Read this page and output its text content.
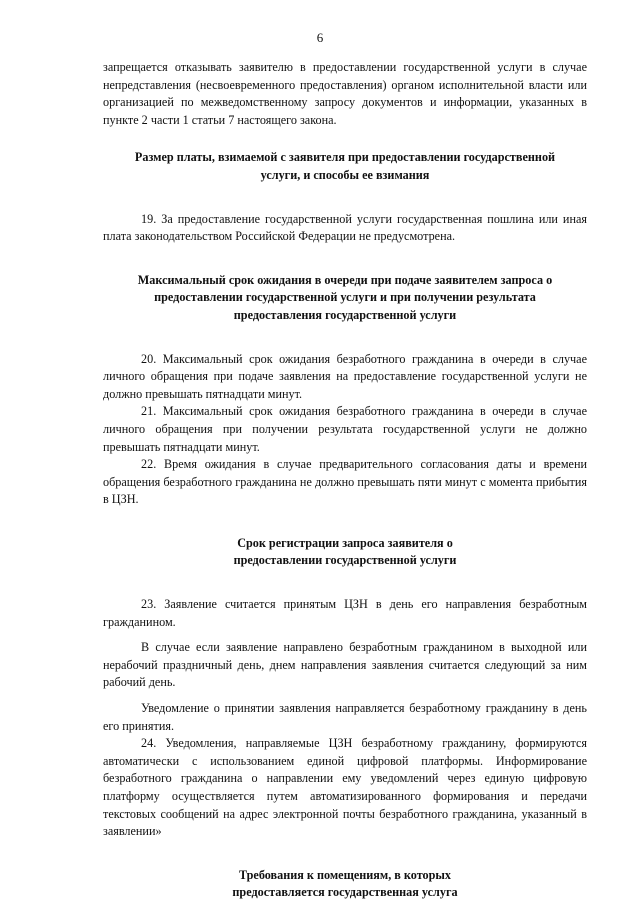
6

запрещается отказывать заявителю в предоставлении государственной услуги в случае непредставления (несвоевременного предоставления) органом исполнительной власти или организацией по межведомственному запросу документов и информации, указанных в пункте 2 части 1 статьи 7 настоящего закона.

Размер платы, взимаемой с заявителя при предоставлении государственной услуги, и способы ее взимания

19. За предоставление государственной услуги государственная пошлина или иная плата законодательством Российской Федерации не предусмотрена.

Максимальный срок ожидания в очереди при подаче заявителем запроса о предоставлении государственной услуги и при получении результата предоставления государственной услуги

20. Максимальный срок ожидания безработного гражданина в очереди в случае личного обращения при подаче заявления на предоставление государственной услуги не должно превышать пятнадцати минут.

21. Максимальный срок ожидания безработного гражданина в очереди в случае личного обращения при получении результата государственной услуги не должно превышать пятнадцати минут.

22. Время ожидания в случае предварительного согласования даты и времени обращения безработного гражданина не должно превышать пяти минут с момента прибытия в ЦЗН.

Срок регистрации запроса заявителя о предоставлении государственной услуги

23. Заявление считается принятым ЦЗН в день его направления безработным гражданином.

В случае если заявление направлено безработным гражданином в выходной или нерабочий праздничный день, днем направления заявления считается следующий за ним рабочий день.

Уведомление о принятии заявления направляется безработному гражданину в день его принятия.

24. Уведомления, направляемые ЦЗН безработному гражданину, формируются автоматически с использованием единой цифровой платформы. Информирование безработного гражданина о направлении ему уведомлений через единую цифровую платформу осуществляется путем автоматизированного формирования и передачи текстовых сообщений на адрес электронной почты безработного гражданина, указанный в заявлении»

Требования к помещениям, в которых предоставляется государственная услуга
